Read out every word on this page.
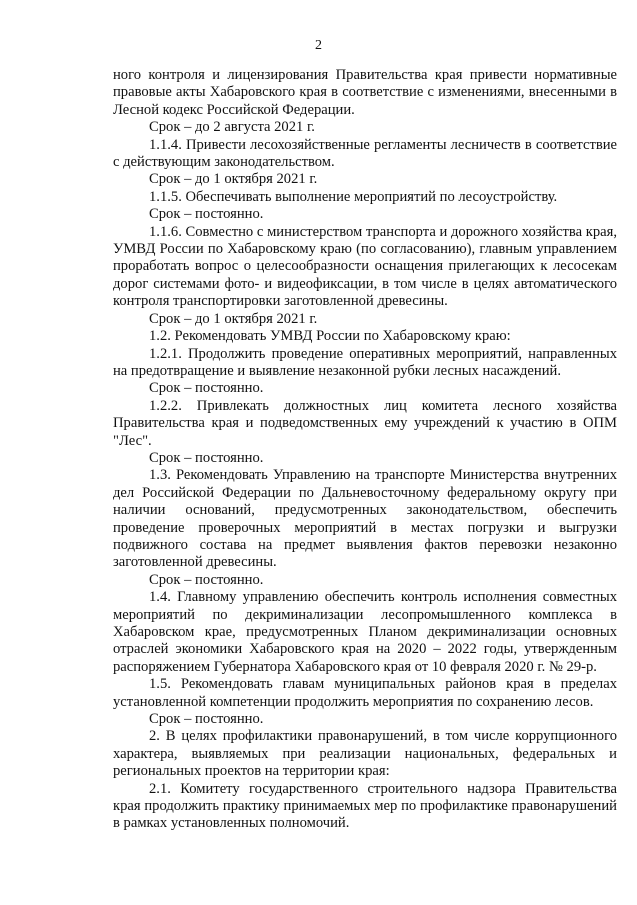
2

ного контроля и лицензирования Правительства края привести нормативные правовые акты Хабаровского края в соответствие с изменениями, внесенными в Лесной кодекс Российской Федерации.

Срок – до 2 августа 2021 г.

1.1.4. Привести лесохозяйственные регламенты лесничеств в соответствие с действующим законодательством.

Срок – до 1 октября 2021 г.

1.1.5. Обеспечивать выполнение мероприятий по лесоустройству.

Срок – постоянно.

1.1.6. Совместно с министерством транспорта и дорожного хозяйства края, УМВД России по Хабаровскому краю (по согласованию), главным управлением проработать вопрос о целесообразности оснащения прилегающих к лесосекам дорог системами фото- и видеофиксации, в том числе в целях автоматического контроля транспортировки заготовленной древесины.

Срок – до 1 октября 2021 г.

1.2. Рекомендовать УМВД России по Хабаровскому краю:

1.2.1. Продолжить проведение оперативных мероприятий, направленных на предотвращение и выявление незаконной рубки лесных насаждений.

Срок – постоянно.

1.2.2. Привлекать должностных лиц комитета лесного хозяйства Правительства края и подведомственных ему учреждений к участию в ОПМ "Лес".

Срок – постоянно.

1.3. Рекомендовать Управлению на транспорте Министерства внутренних дел Российской Федерации по Дальневосточному федеральному округу при наличии оснований, предусмотренных законодательством, обеспечить проведение проверочных мероприятий в местах погрузки и выгрузки подвижного состава на предмет выявления фактов перевозки незаконно заготовленной древесины.

Срок – постоянно.

1.4. Главному управлению обеспечить контроль исполнения совместных мероприятий по декриминализации лесопромышленного комплекса в Хабаровском крае, предусмотренных Планом декриминализации основных отраслей экономики Хабаровского края на 2020 – 2022 годы, утвержденным распоряжением Губернатора Хабаровского края от 10 февраля 2020 г. № 29-р.

1.5. Рекомендовать главам муниципальных районов края в пределах установленной компетенции продолжить мероприятия по сохранению лесов.

Срок – постоянно.

2. В целях профилактики правонарушений, в том числе коррупционного характера, выявляемых при реализации национальных, федеральных и региональных проектов на территории края:

2.1. Комитету государственного строительного надзора Правительства края продолжить практику принимаемых мер по профилактике правонарушений в рамках установленных полномочий.
